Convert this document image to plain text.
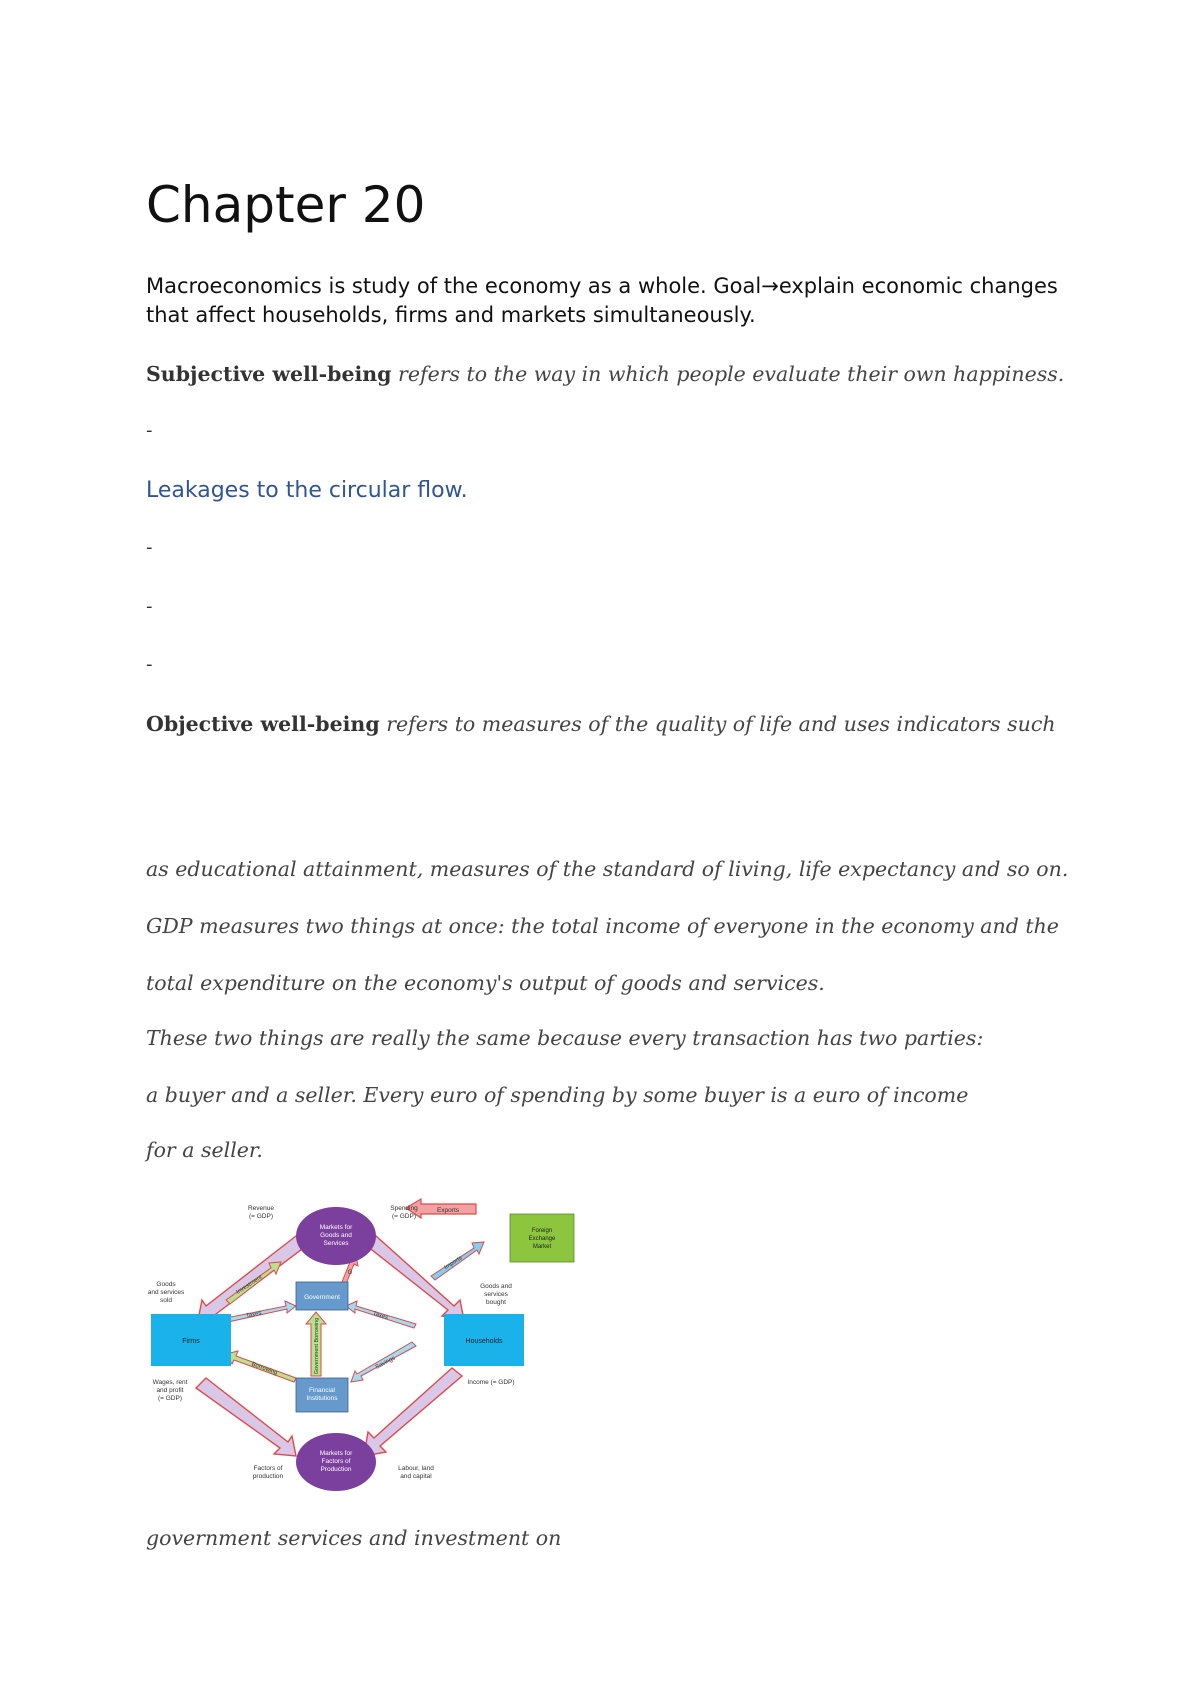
Chapter 20
Macroeconomics is study of the economy as a whole. Goal→explain economic changes that affect households, firms and markets simultaneously.
Subjective well-being refers to the way in which people evaluate their own happiness.
-
Leakages to the circular flow.
-
-
-
Objective well-being refers to measures of the quality of life and uses indicators such
as educational attainment, measures of the standard of living, life expectancy and so on.
GDP measures two things at once: the total income of everyone in the economy and the
total expenditure on the economy's output of goods and services.
These two things are really the same because every transaction has two parties:
a buyer and a seller. Every euro of spending by some buyer is a euro of income
for a seller.
Exports
Imports
Investment
Taxes	Taxes
Borrowing	Savings
Government Borrowing
G
Markets for Goods and Services
Markets for Factors of Production
Firms	Households
Government
Financial Institutions
Foreign Exchange Market
Revenue (= GDP)
Spending (= GDP)
Goods and services sold
Goods and services bought
Wages, rent and profit (= GDP)
Income (= GDP)
Factors of production
Labour, land and capital
government services and investment on
